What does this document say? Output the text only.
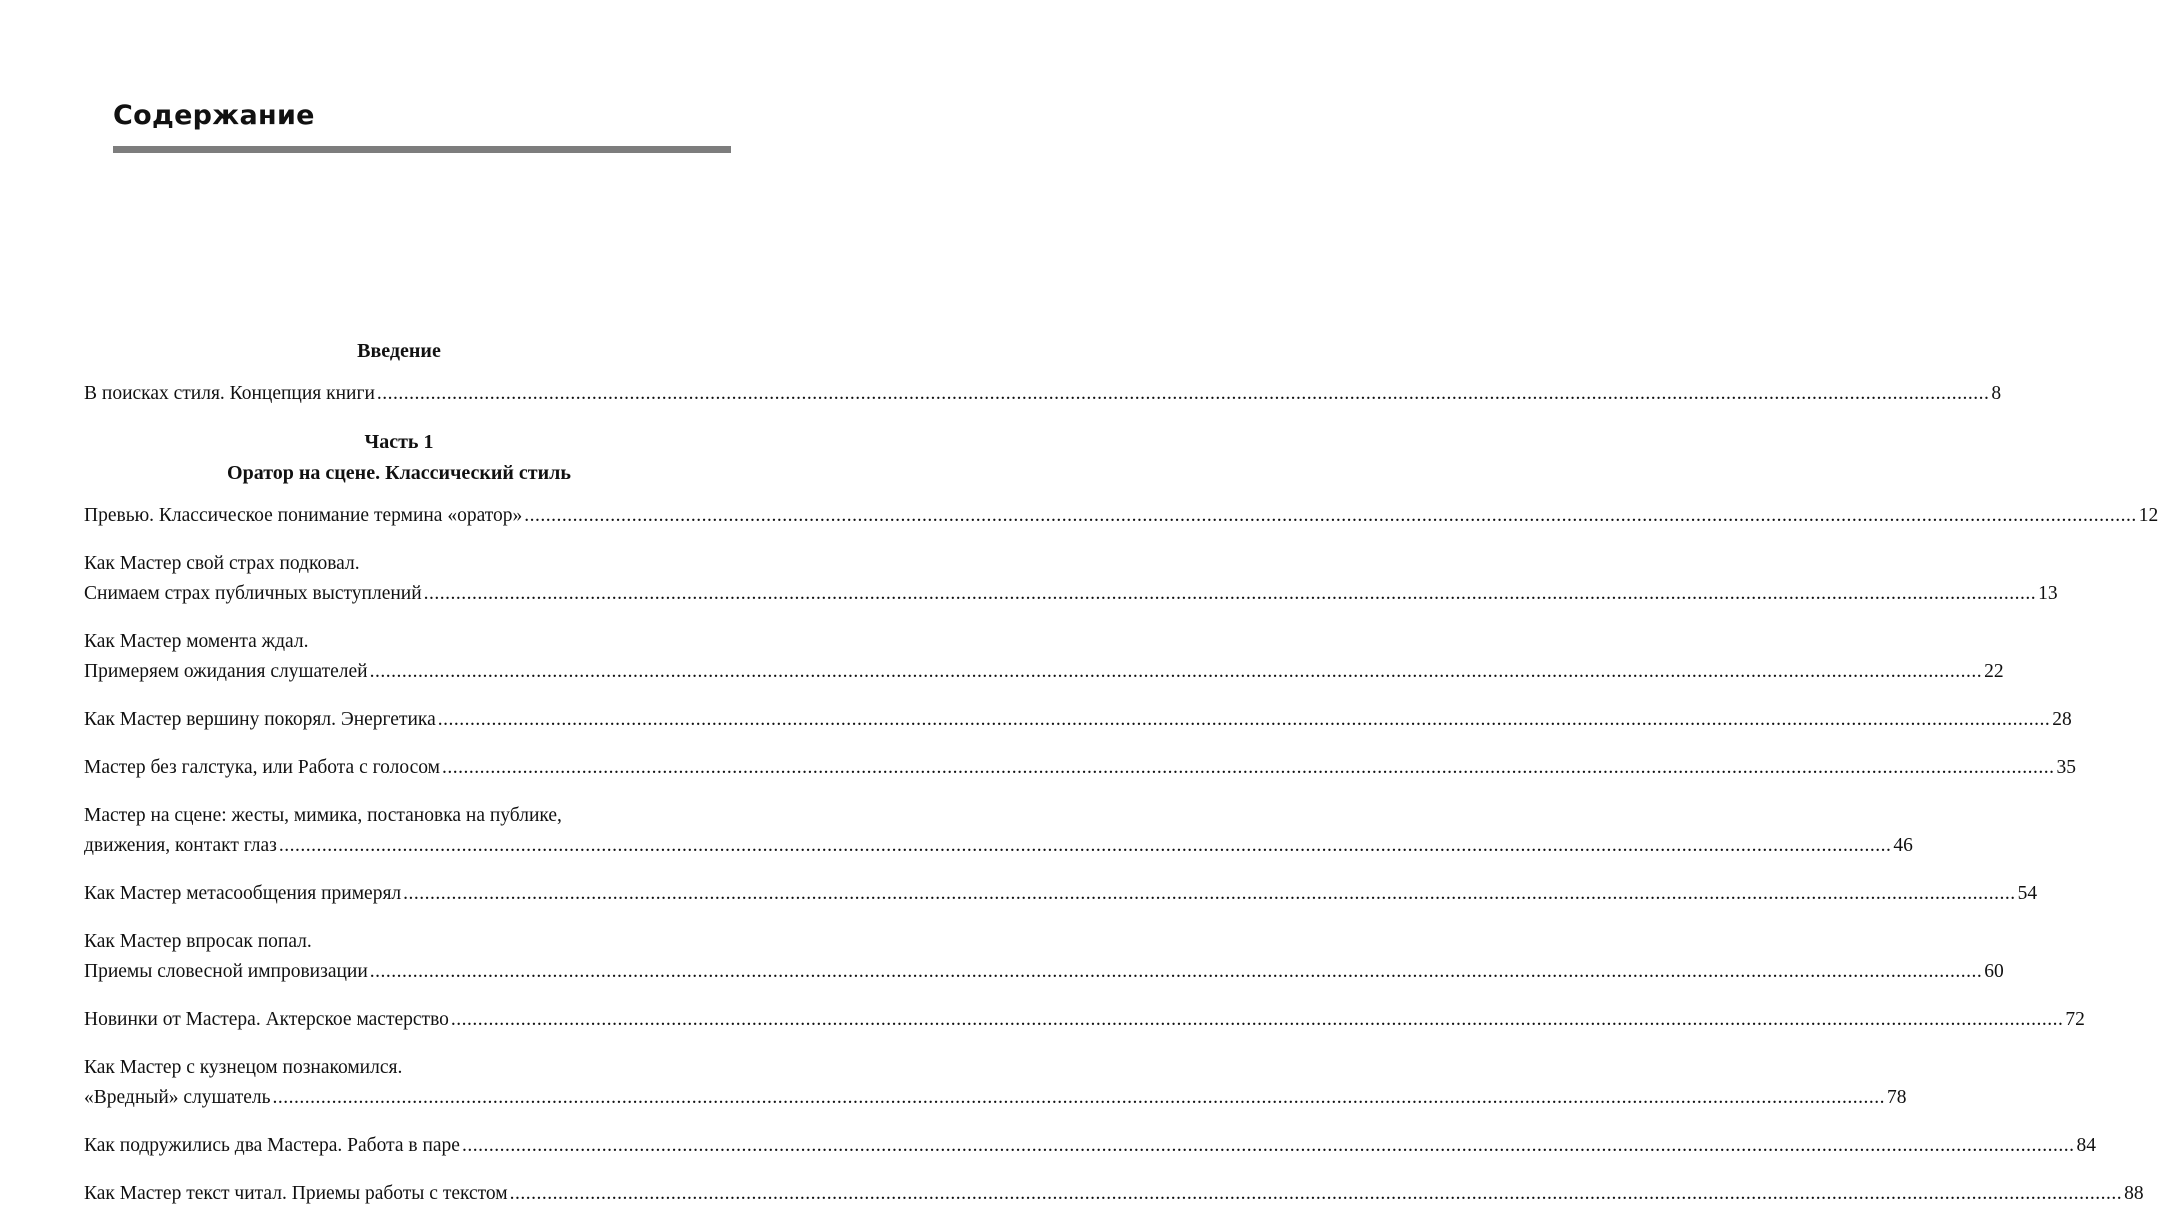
Содержание
Введение
В поисках стиля. Концепция книги ............................................................................................................................................................................................................................................................................................................ 8
Часть 1
Оратор на сцене. Классический стиль
Превью. Классическое понимание термина «оратор» ............................................................................................................................................................................................................................................................................................................ 12
Как Мастер свой страх подковал.
Снимаем страх публичных выступлений ............................................................................................................................................................................................................................................................................................................ 13
Как Мастер момента ждал.
Примеряем ожидания слушателей ............................................................................................................................................................................................................................................................................................................ 22
Как Мастер вершину покорял. Энергетика ............................................................................................................................................................................................................................................................................................................ 28
Мастер без галстука, или Работа с голосом ............................................................................................................................................................................................................................................................................................................ 35
Мастер на сцене: жесты, мимика, постановка на публике,
движения, контакт глаз ............................................................................................................................................................................................................................................................................................................ 46
Как Мастер метасообщения примерял ............................................................................................................................................................................................................................................................................................................ 54
Как Мастер впросак попал.
Приемы словесной импровизации ............................................................................................................................................................................................................................................................................................................ 60
Новинки от Мастера. Актерское мастерство ............................................................................................................................................................................................................................................................................................................ 72
Как Мастер с кузнецом познакомился.
«Вредный» слушатель ............................................................................................................................................................................................................................................................................................................ 78
Как подружились два Мастера. Работа в паре ............................................................................................................................................................................................................................................................................................................ 84
Как Мастер текст читал. Приемы работы с текстом ............................................................................................................................................................................................................................................................................................................ 88
